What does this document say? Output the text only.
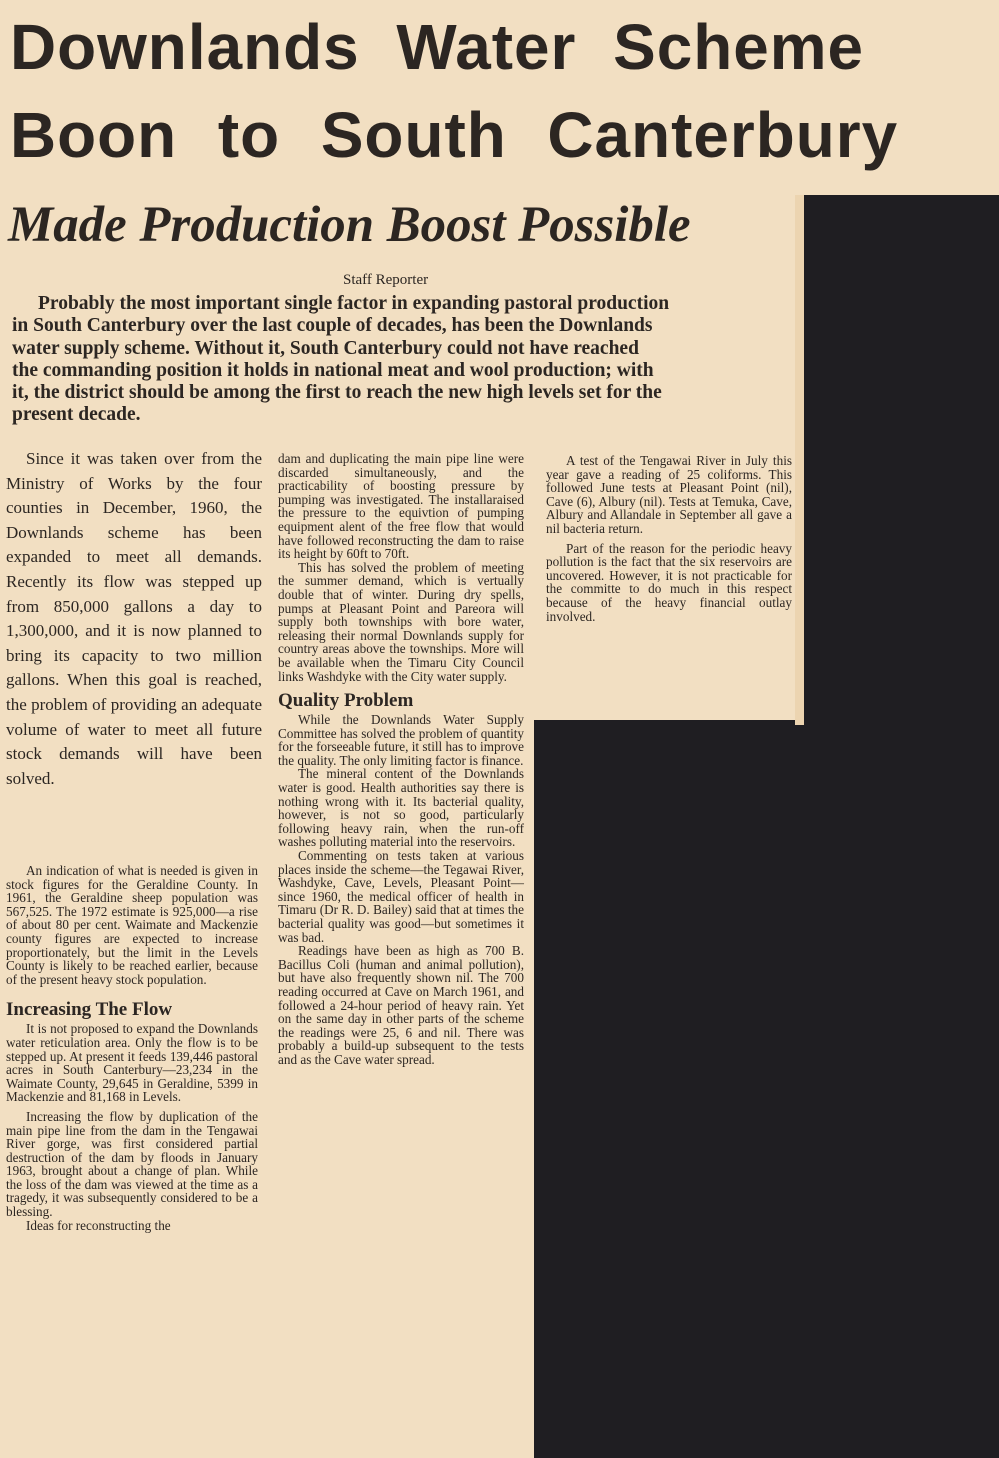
Downlands Water Scheme
Boon to South Canterbury
Made Production Boost Possible
Staff Reporter
Probably the most important single factor in expanding pastoral production
in South Canterbury over the last couple of decades, has been the Downlands
water supply scheme. Without it, South Canterbury could not have reached
the commanding position it holds in national meat and wool production; with
it, the district should be among the first to reach the new high levels set for the
present decade.

Since it was taken over from the Ministry of Works by the four counties in December, 1960, the Downlands scheme has been expanded to meet all demands. Recently its flow was stepped up from 850,000 gallons a day to 1,300,000, and it is now planned to bring its capacity to two million gallons. When this goal is reached, the problem of providing an adequate volume of water to meet all future stock demands will have been solved.

An indication of what is needed is given in stock figures for the Geraldine County. In 1961, the Geraldine sheep population was 567,525. The 1972 estimate is 925,000—a rise of about 80 per cent. Waimate and Mackenzie county figures are expected to increase proportionately, but the limit in the Levels County is likely to be reached earlier, because of the present heavy stock population.

Increasing The Flow

It is not proposed to expand the Downlands water reticulation area. Only the flow is to be stepped up. At present it feeds 139,446 pastoral acres in South Canterbury—23,234 in the Waimate County, 29,645 in Geraldine, 5399 in Mackenzie and 81,168 in Levels.

Increasing the flow by duplication of the main pipe line from the dam in the Tengawai River gorge, was first considered partial destruction of the dam by floods in January 1963, brought about a change of plan. While the loss of the dam was viewed at the time as a tragedy, it was subsequently considered to be a blessing.

Ideas for reconstructing the

dam and duplicating the main pipe line were discarded simultaneously, and the practicability of boosting pressure by pumping was investigated. The installaraised the pressure to the equivtion of pumping equipment alent of the free flow that would have followed reconstructing the dam to raise its height by 60ft to 70ft.

This has solved the problem of meeting the summer demand, which is vertually double that of winter. During dry spells, pumps at Pleasant Point and Pareora will supply both townships with bore water, releasing their normal Downlands supply for country areas above the townships. More will be available when the Timaru City Council links Washdyke with the City water supply.

Quality Problem

While the Downlands Water Supply Committee has solved the problem of quantity for the forseeable future, it still has to improve the quality. The only limiting factor is finance.

The mineral content of the Downlands water is good. Health authorities say there is nothing wrong with it. Its bacterial quality, however, is not so good, particularly following heavy rain, when the run-off washes polluting material into the reservoirs.

Commenting on tests taken at various places inside the scheme—the Tegawai River, Washdyke, Cave, Levels, Pleasant Point—since 1960, the medical officer of health in Timaru (Dr R. D. Bailey) said that at times the bacterial quality was good—but sometimes it was bad.

Readings have been as high as 700 B. Bacillus Coli (human and animal pollution), but have also frequently shown nil. The 700 reading occurred at Cave on March 1961, and followed a 24-hour period of heavy rain. Yet on the same day in other parts of the scheme the readings were 25, 6 and nil. There was probably a build-up subsequent to the tests and as the Cave water spread.

A test of the Tengawai River in July this year gave a reading of 25 coliforms. This followed June tests at Pleasant Point (nil), Cave (6), Albury (nil). Tests at Temuka, Cave, Albury and Allandale in September all gave a nil bacteria return.

Part of the reason for the periodic heavy pollution is the fact that the six reservoirs are uncovered. However, it is not practicable for the committe to do much in this respect because of the heavy financial outlay involved.
